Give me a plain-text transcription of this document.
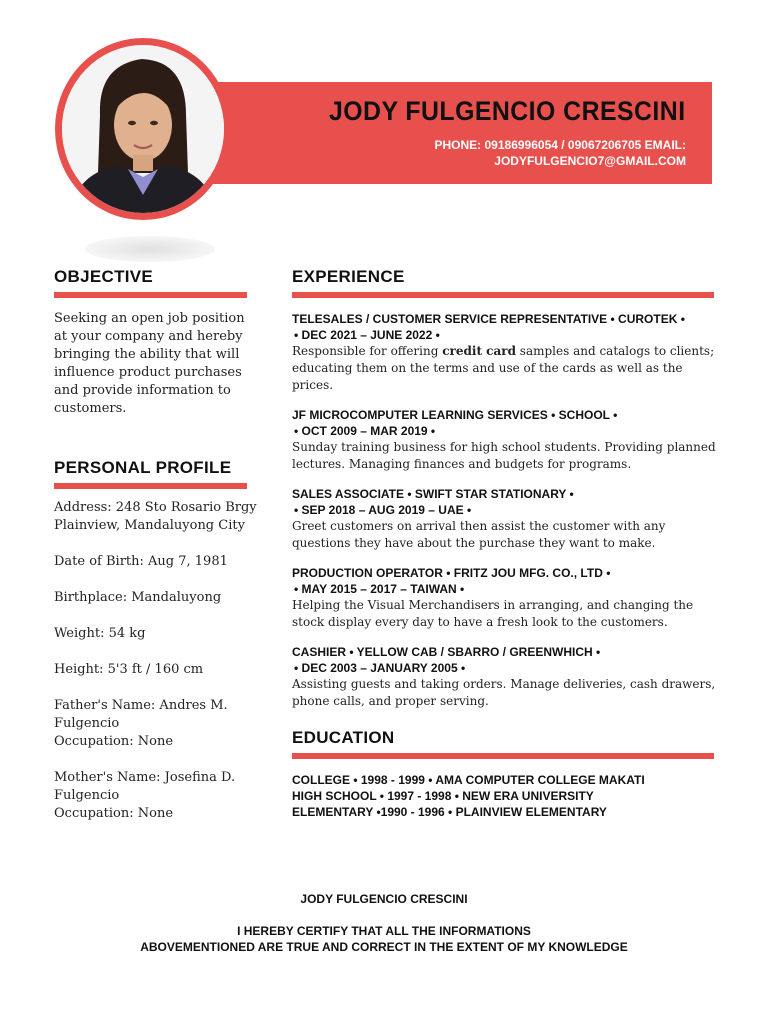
JODY FULGENCIO CRESCINI
PHONE: 09186996054 / 09067206705 EMAIL:
JODYFULGENCIO7@GMAIL.COM
OBJECTIVE
Seeking an open job position at your company and hereby bringing the ability that will influence product purchases and provide information to customers.
PERSONAL PROFILE
Address: 248 Sto Rosario Brgy Plainview, Mandaluyong City
Date of Birth: Aug 7, 1981
Birthplace: Mandaluyong
Weight: 54 kg
Height: 5'3 ft / 160 cm
Father's Name: Andres M. Fulgencio
Occupation: None
Mother's Name: Josefina D. Fulgencio
Occupation: None
EXPERIENCE
TELESALES / CUSTOMER SERVICE REPRESENTATIVE • CUROTEK •
• DEC 2021 – JUNE 2022 •
Responsible for offering credit card samples and catalogs to clients; educating them on the terms and use of the cards as well as the prices.
JF MICROCOMPUTER LEARNING SERVICES • SCHOOL •
• OCT 2009 – MAR 2019 •
Sunday training business for high school students. Providing planned lectures. Managing finances and budgets for programs.
SALES ASSOCIATE • SWIFT STAR STATIONARY •
• SEP 2018 – AUG 2019 – UAE •
Greet customers on arrival then assist the customer with any questions they have about the purchase they want to make.
PRODUCTION OPERATOR • FRITZ JOU MFG. CO., LTD •
• MAY 2015 – 2017 – TAIWAN •
Helping the Visual Merchandisers in arranging, and changing the stock display every day to have a fresh look to the customers.
CASHIER • YELLOW CAB / SBARRO / GREENWHICH •
• DEC 2003 – JANUARY 2005 •
Assisting guests and taking orders. Manage deliveries, cash drawers, phone calls, and proper serving.
EDUCATION
COLLEGE • 1998 - 1999 • AMA COMPUTER COLLEGE MAKATI
HIGH SCHOOL • 1997 - 1998 • NEW ERA UNIVERSITY
ELEMENTARY •1990 - 1996 • PLAINVIEW ELEMENTARY
JODY FULGENCIO CRESCINI
I HEREBY CERTIFY THAT ALL THE INFORMATIONS
ABOVEMENTIONED ARE TRUE AND CORRECT IN THE EXTENT OF MY KNOWLEDGE
